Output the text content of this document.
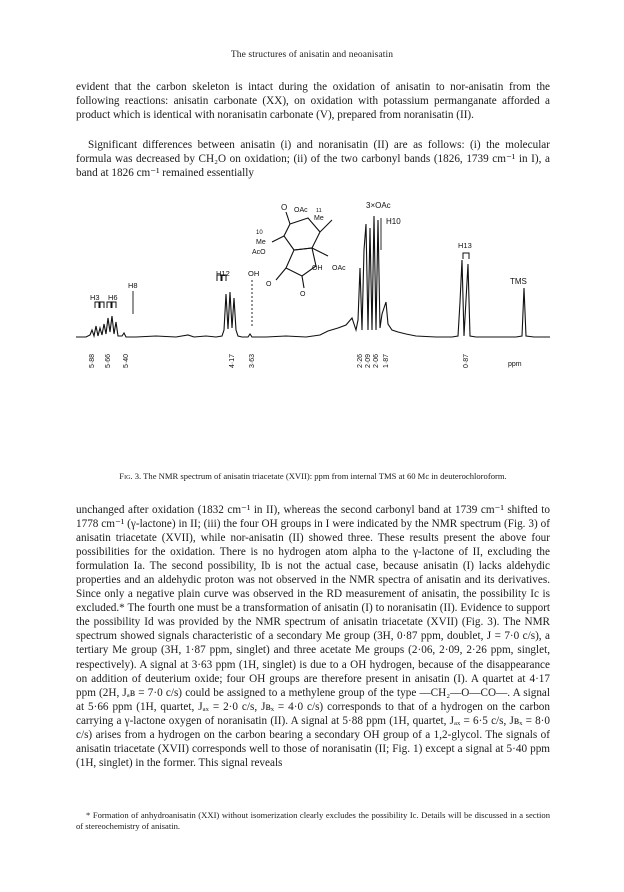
The structures of anisatin and neoanisatin

evident that the carbon skeleton is intact during the oxidation of anisatin to nor-anisatin from the following reactions: anisatin carbonate (XX), on oxidation with potassium permanganate afforded a product which is identical with noranisatin carbonate (V), prepared from noranisatin (II).

Significant differences between anisatin (i) and noranisatin (II) are as follows: (i) the molecular formula was decreased by CH₂O on oxidation; (ii) of the two carbonyl bands (1826, 1739 cm⁻¹ in I), a band at 1826 cm⁻¹ remained essentially

O OAc 11
Me
10
Me
AcO
O
OH OAc
O
3×OAc
H3 H6
H8
H12 OH
H10
H13
TMS
5·88 5·66 5·40	4·17 3·63	2·26 2·09 2·06 1·87	0·87	ppm
Fig. 3. The NMR spectrum of anisatin triacetate (XVII): ppm from internal TMS at 60 Mc in deuterochloroform.

unchanged after oxidation (1832 cm⁻¹ in II), whereas the second carbonyl band at 1739 cm⁻¹ shifted to 1778 cm⁻¹ (γ-lactone) in II; (iii) the four OH groups in I were indicated by the NMR spectrum (Fig. 3) of anisatin triacetate (XVII), while nor-anisatin (II) showed three. These results present the above four possibilities for the oxidation. There is no hydrogen atom alpha to the γ-lactone of II, excluding the formulation Ia. The second possibility, Ib is not the actual case, because anisatin (I) lacks aldehydic properties and an aldehydic proton was not observed in the NMR spectra of anisatin and its derivatives. Since only a negative plain curve was observed in the RD measurement of anisatin, the possibility Ic is excluded.* The fourth one must be a transformation of anisatin (I) to noranisatin (II). Evidence to support the possibility Id was provided by the NMR spectrum of anisatin triacetate (XVII) (Fig. 3). The NMR spectrum showed signals characteristic of a secondary Me group (3H, 0·87 ppm, doublet, J = 7·0 c/s), a tertiary Me group (3H, 1·87 ppm, singlet) and three acetate Me groups (2·06, 2·09, 2·26 ppm, singlet, respectively). A signal at 3·63 ppm (1H, singlet) is due to a OH hydrogen, because of the disappearance on addition of deuterium oxide; four OH groups are therefore present in anisatin (I). A quartet at 4·17 ppm (2H, Jₐʙ = 7·0 c/s) could be assigned to a methylene group of the type —CH₂—O—CO—. A signal at 5·66 ppm (1H, quartet, Jₐₓ = 2·0 c/s, Jʙₓ = 4·0 c/s) corresponds to that of a hydrogen on the carbon carrying a γ-lactone oxygen of noranisatin (II). A signal at 5·88 ppm (1H, quartet, Jₐₓ = 6·5 c/s, Jʙₓ = 8·0 c/s) arises from a hydrogen on the carbon bearing a secondary OH group of a 1,2-glycol. The signals of anisatin triacetate (XVII) corresponds well to those of noranisatin (II; Fig. 1) except a signal at 5·40 ppm (1H, singlet) in the former. This signal reveals

* Formation of anhydroanisatin (XXI) without isomerization clearly excludes the possibility Ic. Details will be discussed in a section of stereochemistry of anisatin.
